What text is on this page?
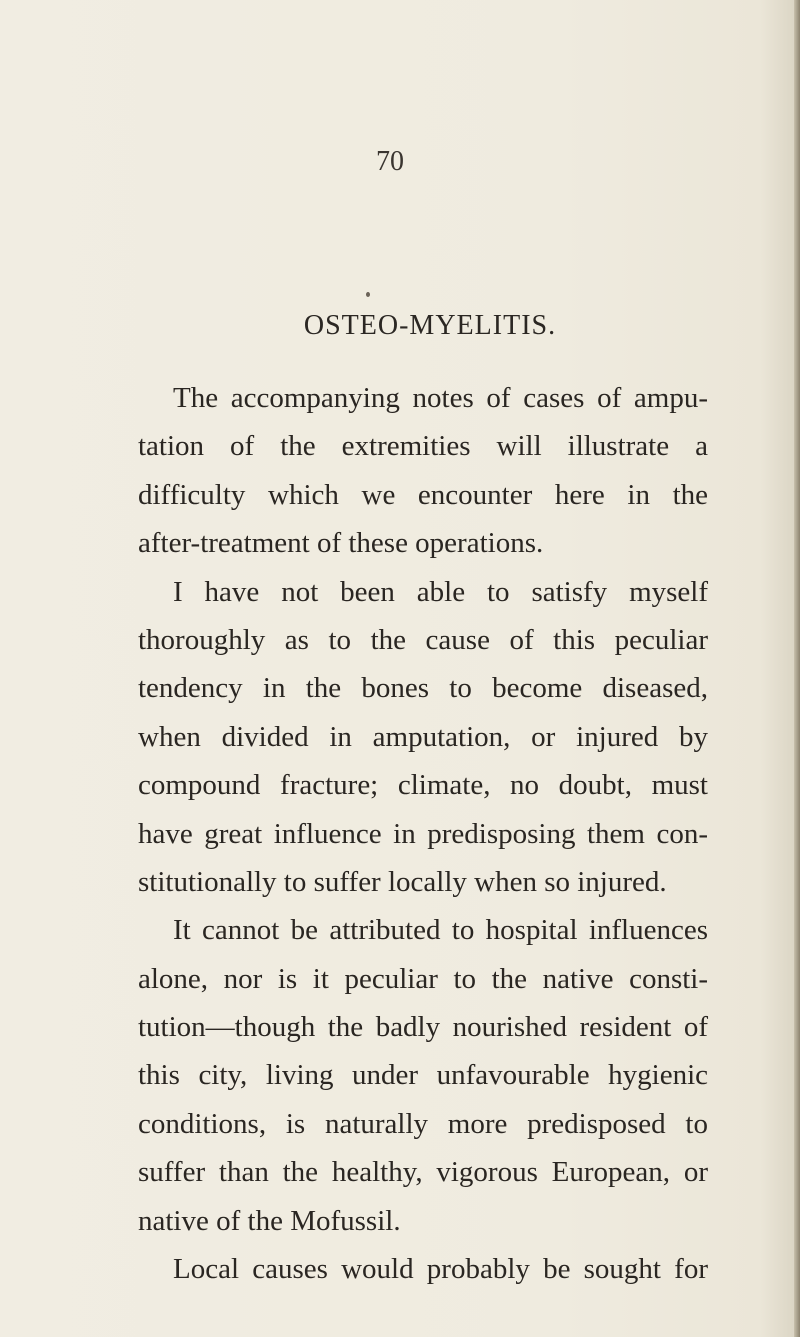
70
OSTEO-MYELITIS.
The accompanying notes of cases of ampu-
tation of the extremities will illustrate a
difficulty which we encounter here in the
after-treatment of these operations.
I have not been able to satisfy myself
thoroughly as to the cause of this peculiar
tendency in the bones to become diseased,
when divided in amputation, or injured by
compound fracture; climate, no doubt, must
have great influence in predisposing them con-
stitutionally to suffer locally when so injured.
It cannot be attributed to hospital influences
alone, nor is it peculiar to the native consti-
tution—though the badly nourished resident of
this city, living under unfavourable hygienic
conditions, is naturally more predisposed to
suffer than the healthy, vigorous European, or
native of the Mofussil.
Local causes would probably be sought for
